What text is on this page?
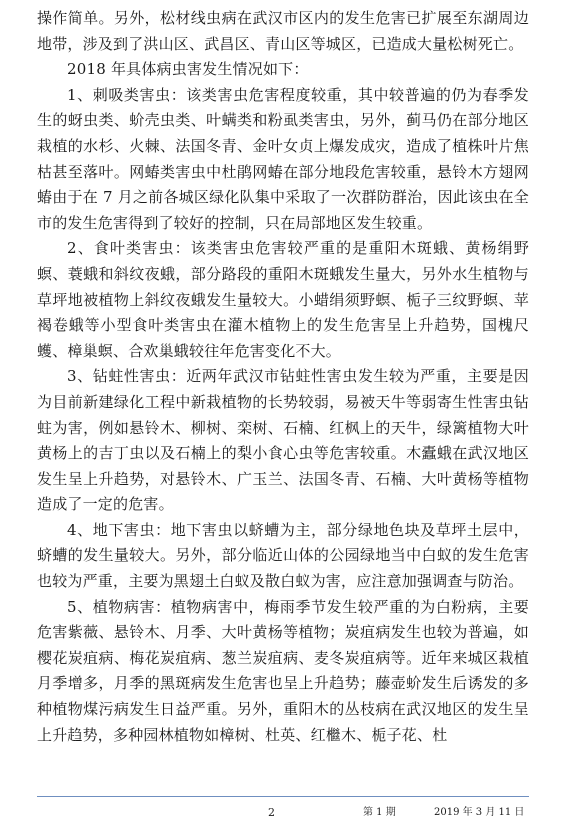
操作简单。另外，松材线虫病在武汉市区内的发生危害已扩展至东湖周边地带，涉及到了洪山区、武昌区、青山区等城区，已造成大量松树死亡。

2018 年具体病虫害发生情况如下：

1、刺吸类害虫：该类害虫危害程度较重，其中较普遍的仍为春季发生的蚜虫类、蚧壳虫类、叶螨类和粉虱类害虫，另外，蓟马仍在部分地区栽植的水杉、火棘、法国冬青、金叶女贞上爆发成灾，造成了植株叶片焦枯甚至落叶。网蝽类害虫中杜鹃网蝽在部分地段危害较重，悬铃木方翅网蝽由于在 7 月之前各城区绿化队集中采取了一次群防群治，因此该虫在全市的发生危害得到了较好的控制，只在局部地区发生较重。

2、食叶类害虫：该类害虫危害较严重的是重阳木斑蛾、黄杨绢野螟、蓑蛾和斜纹夜蛾，部分路段的重阳木斑蛾发生量大，另外水生植物与草坪地被植物上斜纹夜蛾发生量较大。小蜡绢须野螟、栀子三纹野螟、苹褐卷蛾等小型食叶类害虫在灌木植物上的发生危害呈上升趋势，国槐尺蠖、樟巢螟、合欢巢蛾较往年危害变化不大。

3、钻蛀性害虫：近两年武汉市钻蛀性害虫发生较为严重，主要是因为目前新建绿化工程中新栽植物的长势较弱，易被天牛等弱寄生性害虫钻蛀为害，例如悬铃木、柳树、栾树、石楠、红枫上的天牛，绿篱植物大叶黄杨上的吉丁虫以及石楠上的梨小食心虫等危害较重。木蠹蛾在武汉地区发生呈上升趋势，对悬铃木、广玉兰、法国冬青、石楠、大叶黄杨等植物造成了一定的危害。

4、地下害虫：地下害虫以蛴螬为主，部分绿地色块及草坪土层中，蛴螬的发生量较大。另外，部分临近山体的公园绿地当中白蚁的发生危害也较为严重，主要为黑翅土白蚁及散白蚁为害，应注意加强调查与防治。

5、植物病害：植物病害中，梅雨季节发生较严重的为白粉病，主要危害紫薇、悬铃木、月季、大叶黄杨等植物；炭疽病发生也较为普遍，如樱花炭疽病、梅花炭疽病、葱兰炭疽病、麦冬炭疽病等。近年来城区栽植月季增多，月季的黑斑病发生危害也呈上升趋势；藤壶蚧发生后诱发的多种植物煤污病发生日益严重。另外，重阳木的丛枝病在武汉地区的发生呈上升趋势，多种园林植物如樟树、杜英、红檵木、栀子花、杜

2	第 1 期	2019 年 3 月 11 日
